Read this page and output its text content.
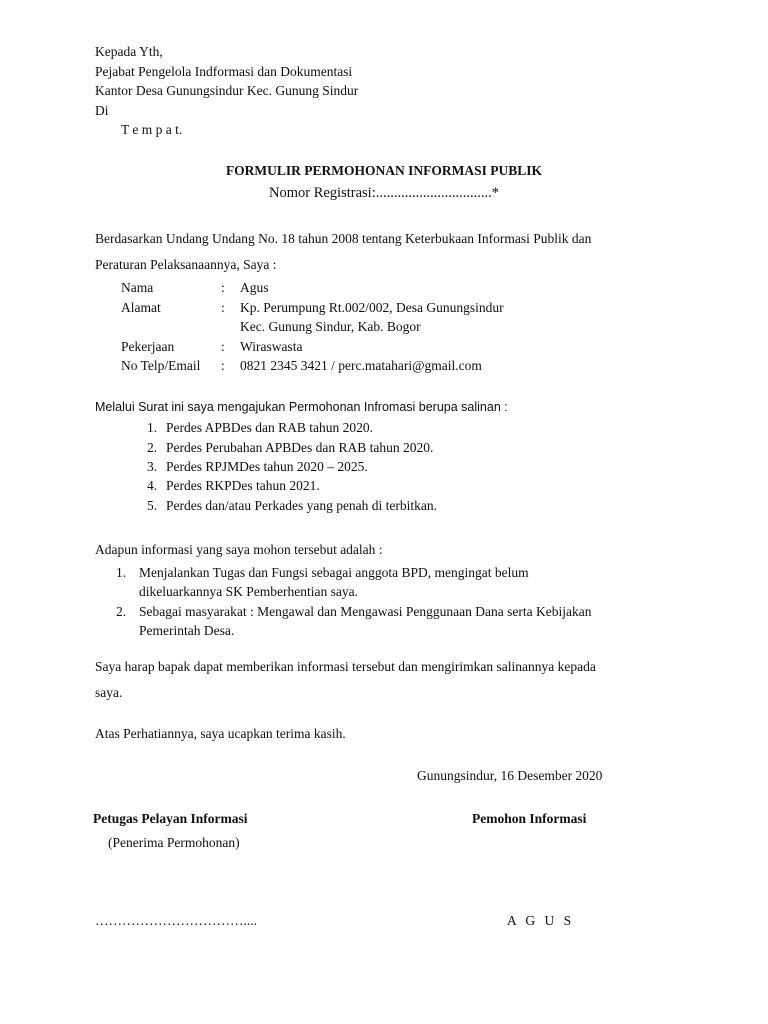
Kepada Yth,
Pejabat Pengelola Indformasi dan Dokumentasi
Kantor Desa Gunungsindur Kec. Gunung Sindur
Di
T e m p a t.
FORMULIR PERMOHONAN INFORMASI PUBLIK
Nomor Registrasi:................................*
Berdasarkan Undang Undang No. 18 tahun 2008 tentang Keterbukaan Informasi Publik dan
Peraturan Pelaksanaannya, Saya :
Nama	: Agus
Alamat	: Kp. Perumpung Rt.002/002, Desa Gunungsindur
Kec. Gunung Sindur, Kab. Bogor
Pekerjaan	: Wiraswasta
No Telp/Email : 0821 2345 3421 / perc.matahari@gmail.com
Melalui Surat ini saya mengajukan Permohonan Infromasi berupa salinan :
1. Perdes APBDes dan RAB tahun 2020.
2. Perdes Perubahan APBDes dan RAB tahun 2020.
3. Perdes RPJMDes tahun 2020 – 2025.
4. Perdes RKPDes tahun 2021.
5. Perdes dan/atau Perkades yang penah di terbitkan.
Adapun informasi yang saya mohon tersebut adalah :
1. Menjalankan Tugas dan Fungsi sebagai anggota BPD, mengingat belum
dikeluarkannya SK Pemberhentian saya.
2. Sebagai masyarakat : Mengawal dan Mengawasi Penggunaan Dana serta Kebijakan
Pemerintah Desa.
Saya harap bapak dapat memberikan informasi tersebut dan mengirimkan salinannya kepada
saya.
Atas Perhatiannya, saya ucapkan terima kasih.
Gunungsindur, 16 Desember 2020
Petugas Pelayan Informasi
(Penerima Permohonan)
Pemohon Informasi
……………………………....	A G U S
